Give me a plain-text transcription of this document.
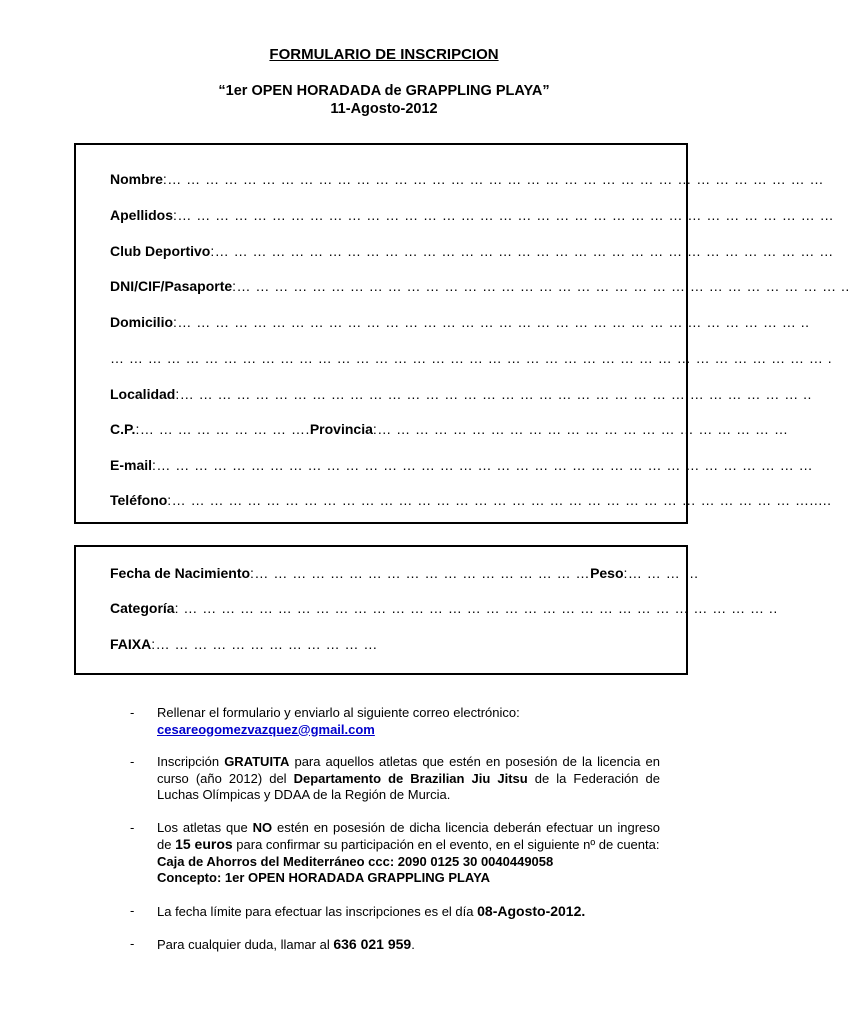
FORMULARIO DE INSCRIPCION
“1er OPEN HORADADA de GRAPPLING PLAYA”
11-Agosto-2012
Nombre:… … … … … … … … … … … … … … … … … … … … … … … … … … … … … … … … … … …
Apellidos:… … … … … … … … … … … … … … … … … … … … … … … … … … … … … … … … … … …
Club Deportivo:… … … … … … … … … … … … … … … … … … … … … … … … … … … … … … … … …
DNI/CIF/Pasaporte:… … … … … … … … … … … … … … … … … … … … … … … … … … … … … … … … ..
Domicilio:… … … … … … … … … … … … … … … … … … … … … … … … … … … … … … … … … ..
… … … … … … … … … … … … … … … … … … … … … … … … … … … … … … … … … … … … … … .
Localidad:… … … … … … … … … … … … … … … … … … … … … … … … … … … … … … … … … ..
C.P.:… … … … … … … … ….Provincia:… … … … … … … … … … … … … … … … … … … … … …
E-mail:… … … … … … … … … … … … … … … … … … … … … … … … … … … … … … … … … … …
Teléfono:… … … … … … … … … … … … … … … … … … … … … … … … … … … … … … … … … ….....
Fecha de Nacimiento:… … … … … … … … … … … … … … … … … …Peso:… … … …
Categoría: … … … … … … … … … … … … … … … … … … … … … … … … … … … … … … … ..
FAIXA:… … … … … … … … … … … …
- Rellenar el formulario y enviarlo al siguiente correo electrónico:
cesareogomezvazquez@gmail.com
- Inscripción GRATUITA para aquellos atletas que estén en posesión de la licencia en curso (año 2012) del Departamento de Brazilian Jiu Jitsu de la Federación de Luchas Olímpicas y DDAA de la Región de Murcia.
- Los atletas que NO estén en posesión de dicha licencia deberán efectuar un ingreso de 15 euros para confirmar su participación en el evento, en el siguiente nº de cuenta:
Caja de Ahorros del Mediterráneo ccc: 2090 0125 30 0040449058
Concepto: 1er OPEN HORADADA GRAPPLING PLAYA
- La fecha límite para efectuar las inscripciones es el día 08-Agosto-2012.
- Para cualquier duda, llamar al 636 021 959.
